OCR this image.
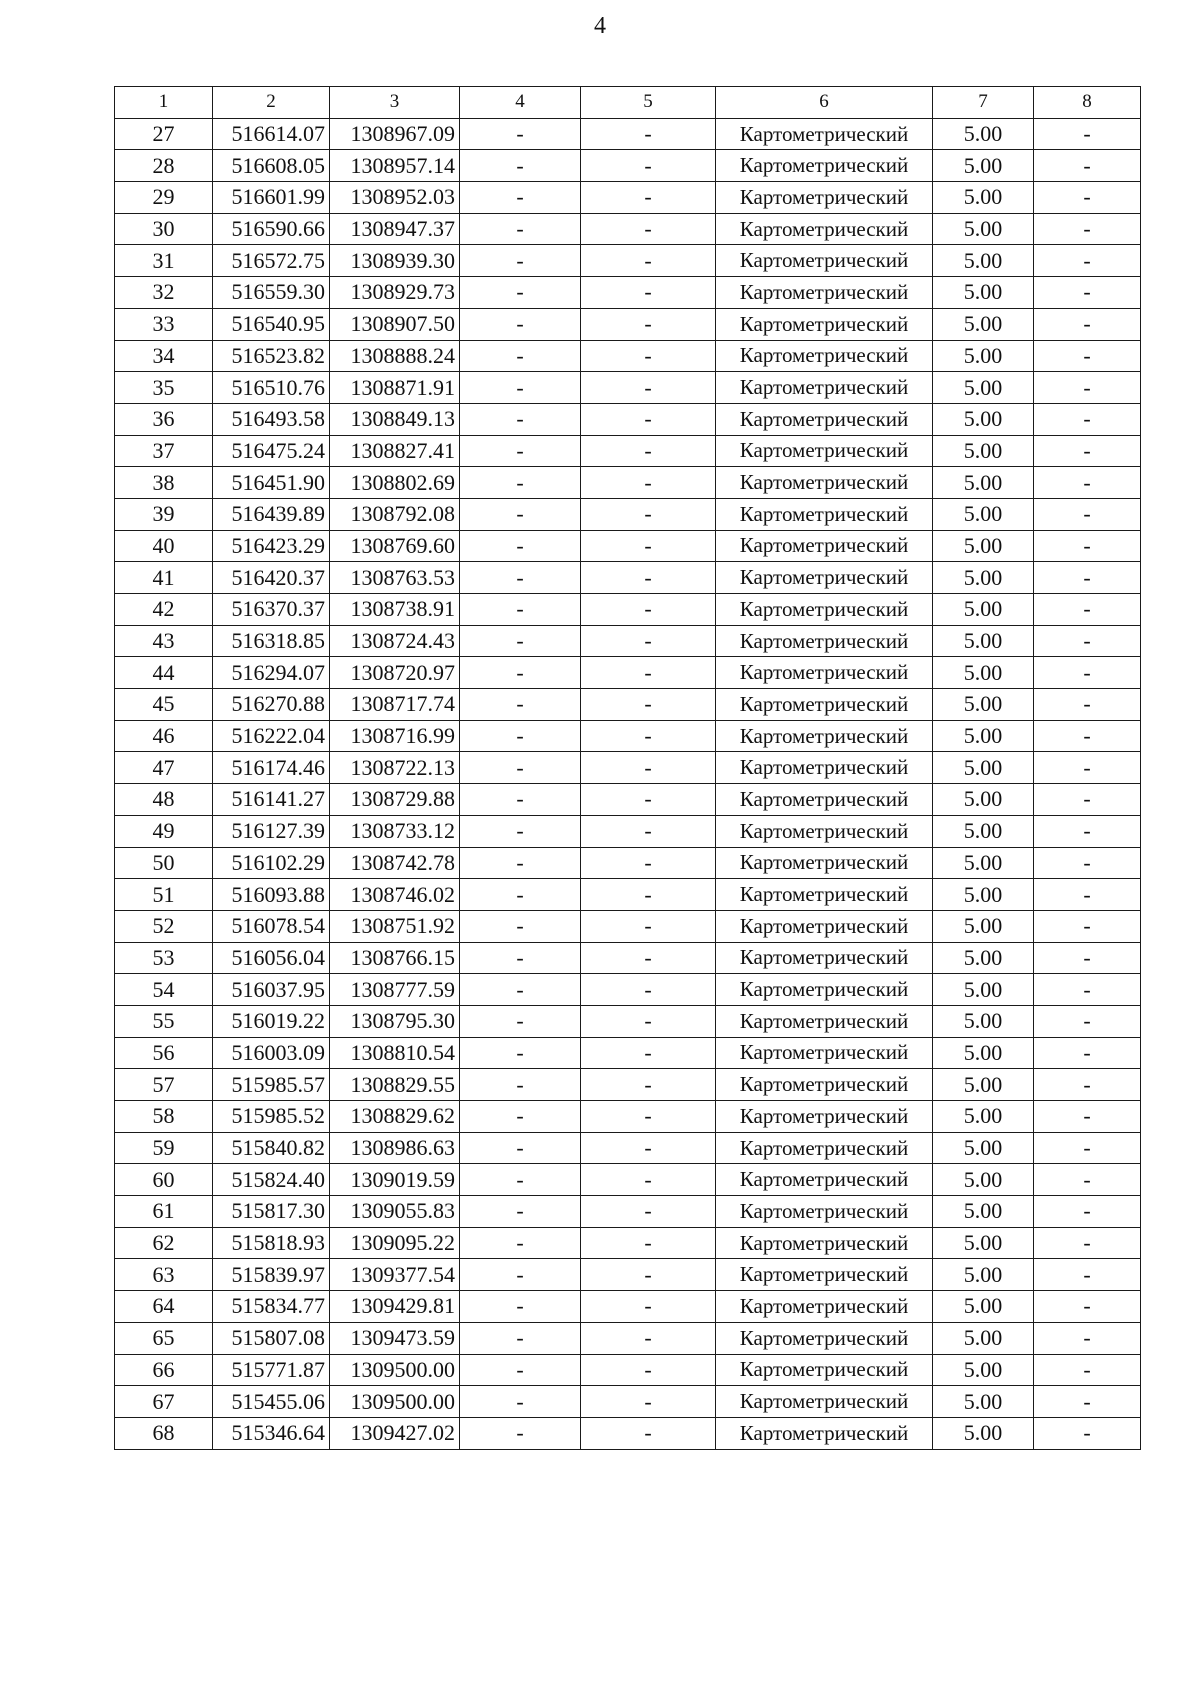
4
1	2	3	4	5	6	7	8
27	516614.07	1308967.09	-	-	Картометрический	5.00	-
28	516608.05	1308957.14	-	-	Картометрический	5.00	-
29	516601.99	1308952.03	-	-	Картометрический	5.00	-
30	516590.66	1308947.37	-	-	Картометрический	5.00	-
31	516572.75	1308939.30	-	-	Картометрический	5.00	-
32	516559.30	1308929.73	-	-	Картометрический	5.00	-
33	516540.95	1308907.50	-	-	Картометрический	5.00	-
34	516523.82	1308888.24	-	-	Картометрический	5.00	-
35	516510.76	1308871.91	-	-	Картометрический	5.00	-
36	516493.58	1308849.13	-	-	Картометрический	5.00	-
37	516475.24	1308827.41	-	-	Картометрический	5.00	-
38	516451.90	1308802.69	-	-	Картометрический	5.00	-
39	516439.89	1308792.08	-	-	Картометрический	5.00	-
40	516423.29	1308769.60	-	-	Картометрический	5.00	-
41	516420.37	1308763.53	-	-	Картометрический	5.00	-
42	516370.37	1308738.91	-	-	Картометрический	5.00	-
43	516318.85	1308724.43	-	-	Картометрический	5.00	-
44	516294.07	1308720.97	-	-	Картометрический	5.00	-
45	516270.88	1308717.74	-	-	Картометрический	5.00	-
46	516222.04	1308716.99	-	-	Картометрический	5.00	-
47	516174.46	1308722.13	-	-	Картометрический	5.00	-
48	516141.27	1308729.88	-	-	Картометрический	5.00	-
49	516127.39	1308733.12	-	-	Картометрический	5.00	-
50	516102.29	1308742.78	-	-	Картометрический	5.00	-
51	516093.88	1308746.02	-	-	Картометрический	5.00	-
52	516078.54	1308751.92	-	-	Картометрический	5.00	-
53	516056.04	1308766.15	-	-	Картометрический	5.00	-
54	516037.95	1308777.59	-	-	Картометрический	5.00	-
55	516019.22	1308795.30	-	-	Картометрический	5.00	-
56	516003.09	1308810.54	-	-	Картометрический	5.00	-
57	515985.57	1308829.55	-	-	Картометрический	5.00	-
58	515985.52	1308829.62	-	-	Картометрический	5.00	-
59	515840.82	1308986.63	-	-	Картометрический	5.00	-
60	515824.40	1309019.59	-	-	Картометрический	5.00	-
61	515817.30	1309055.83	-	-	Картометрический	5.00	-
62	515818.93	1309095.22	-	-	Картометрический	5.00	-
63	515839.97	1309377.54	-	-	Картометрический	5.00	-
64	515834.77	1309429.81	-	-	Картометрический	5.00	-
65	515807.08	1309473.59	-	-	Картометрический	5.00	-
66	515771.87	1309500.00	-	-	Картометрический	5.00	-
67	515455.06	1309500.00	-	-	Картометрический	5.00	-
68	515346.64	1309427.02	-	-	Картометрический	5.00	-
